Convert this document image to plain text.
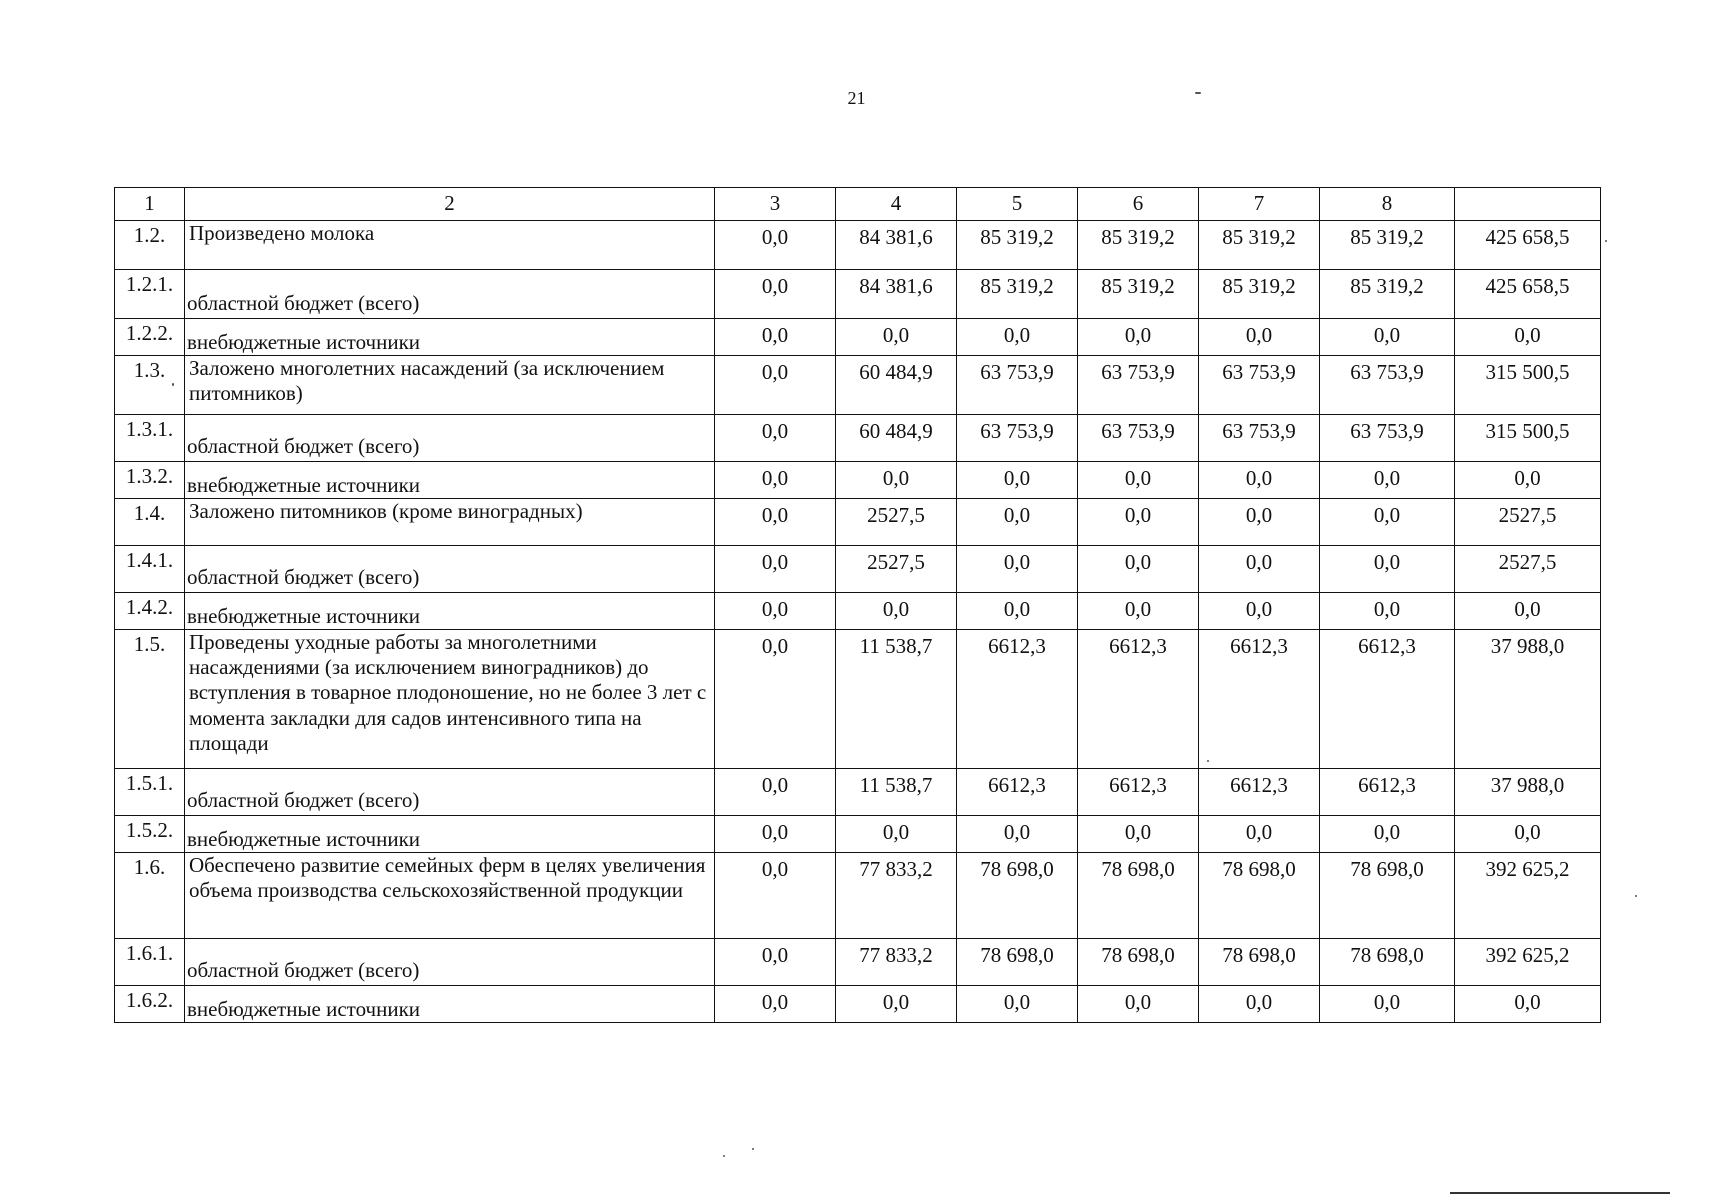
21
1	2	3	4	5	6	7	8	
1.2.	Произведено молока	0,0	84 381,6	85 319,2	85 319,2	85 319,2	85 319,2	425 658,5
1.2.1.	областной бюджет (всего)	0,0	84 381,6	85 319,2	85 319,2	85 319,2	85 319,2	425 658,5
1.2.2.	внебюджетные источники	0,0	0,0	0,0	0,0	0,0	0,0	0,0
1.3.	Заложено многолетних насаждений (за исключением питомников)	0,0	60 484,9	63 753,9	63 753,9	63 753,9	63 753,9	315 500,5
1.3.1.	областной бюджет (всего)	0,0	60 484,9	63 753,9	63 753,9	63 753,9	63 753,9	315 500,5
1.3.2.	внебюджетные источники	0,0	0,0	0,0	0,0	0,0	0,0	0,0
1.4.	Заложено питомников (кроме виноградных)	0,0	2527,5	0,0	0,0	0,0	0,0	2527,5
1.4.1.	областной бюджет (всего)	0,0	2527,5	0,0	0,0	0,0	0,0	2527,5
1.4.2.	внебюджетные источники	0,0	0,0	0,0	0,0	0,0	0,0	0,0
1.5.	Проведены уходные работы за многолетними насаждениями (за исключением виноградников) до вступления в товарное плодоношение, но не более 3 лет с момента закладки для садов интенсивного типа на площади	0,0	11 538,7	6612,3	6612,3	6612,3	6612,3	37 988,0
1.5.1.	областной бюджет (всего)	0,0	11 538,7	6612,3	6612,3	6612,3	6612,3	37 988,0
1.5.2.	внебюджетные источники	0,0	0,0	0,0	0,0	0,0	0,0	0,0
1.6.	Обеспечено развитие семейных ферм в целях увеличения объема производства сельскохозяйственной продукции	0,0	77 833,2	78 698,0	78 698,0	78 698,0	78 698,0	392 625,2
1.6.1.	областной бюджет (всего)	0,0	77 833,2	78 698,0	78 698,0	78 698,0	78 698,0	392 625,2
1.6.2.	внебюджетные источники	0,0	0,0	0,0	0,0	0,0	0,0	0,0
